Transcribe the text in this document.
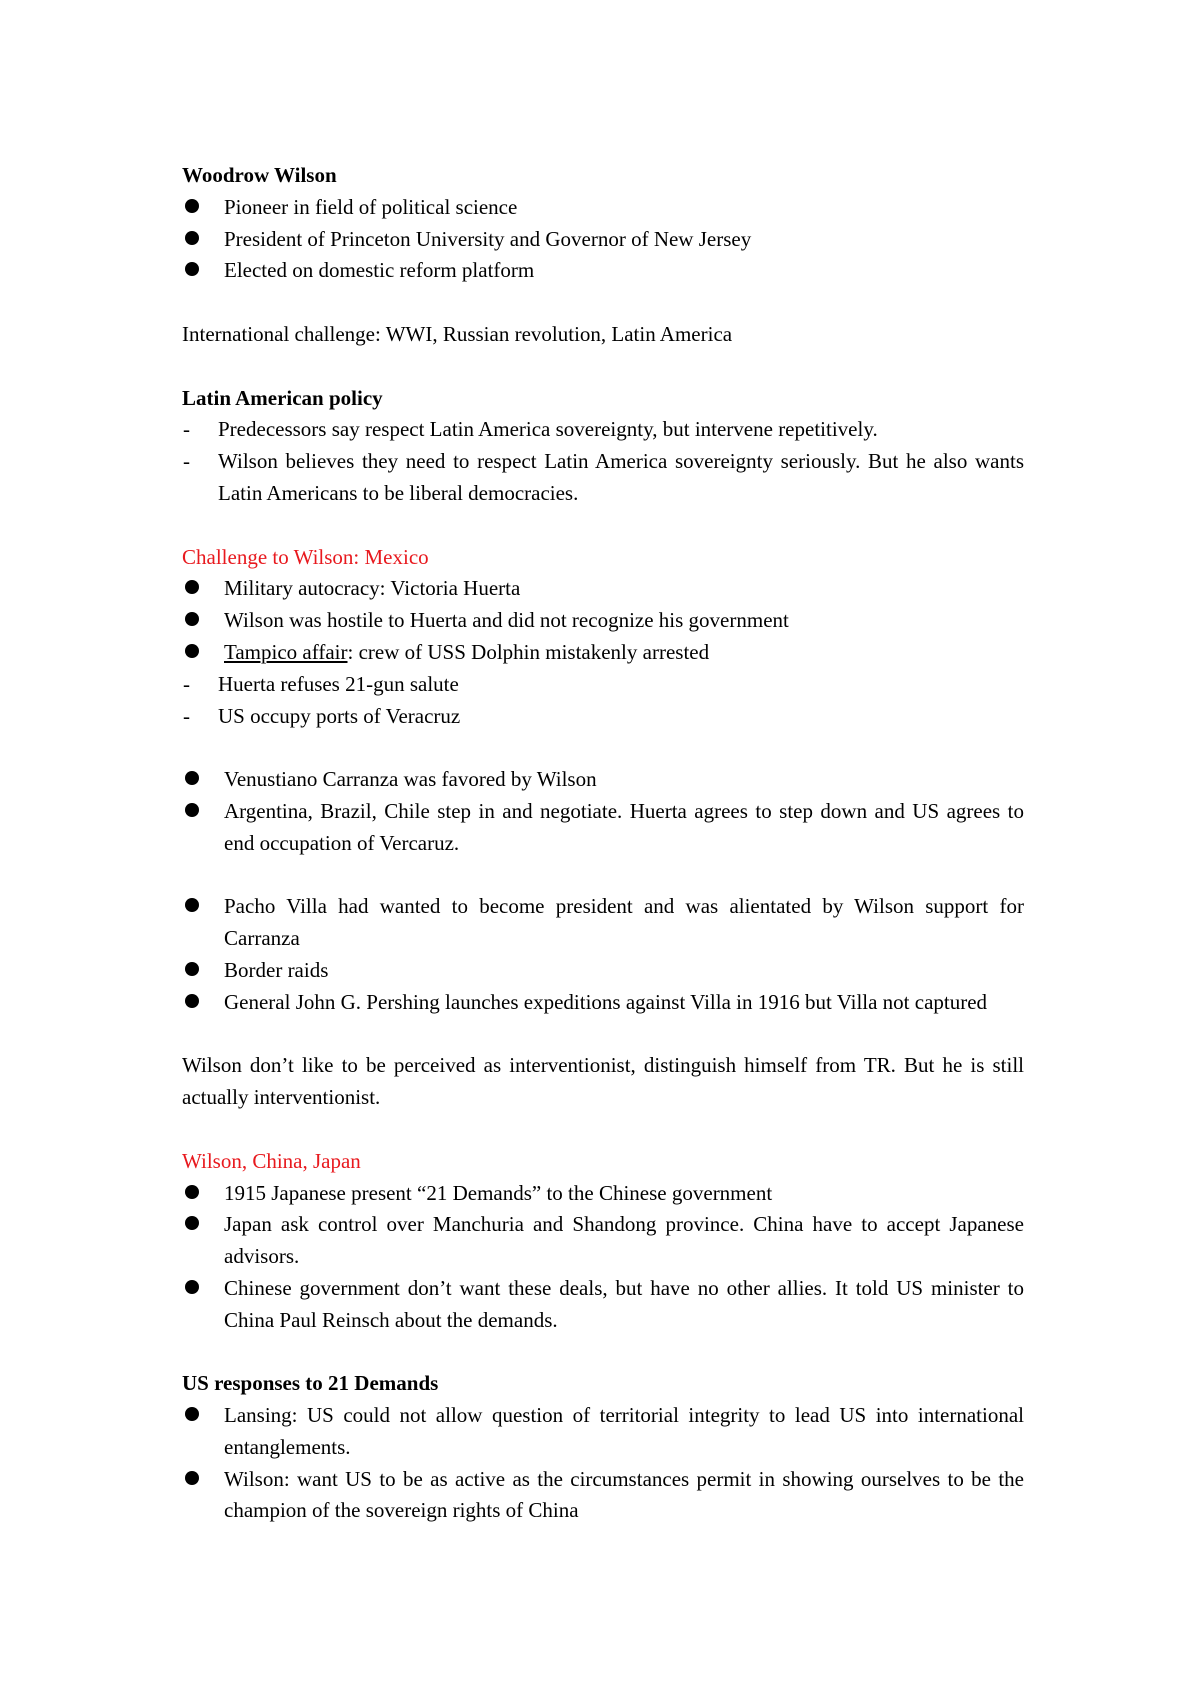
Woodrow Wilson
Pioneer in field of political science
President of Princeton University and Governor of New Jersey
Elected on domestic reform platform
International challenge: WWI, Russian revolution, Latin America
Latin American policy
- Predecessors say respect Latin America sovereignty, but intervene repetitively.
- Wilson believes they need to respect Latin America sovereignty seriously. But he also wants Latin Americans to be liberal democracies.
Challenge to Wilson: Mexico
Military autocracy: Victoria Huerta
Wilson was hostile to Huerta and did not recognize his government
Tampico affair: crew of USS Dolphin mistakenly arrested
- Huerta refuses 21-gun salute
- US occupy ports of Veracruz
Venustiano Carranza was favored by Wilson
Argentina, Brazil, Chile step in and negotiate. Huerta agrees to step down and US agrees to end occupation of Vercaruz.
Pacho Villa had wanted to become president and was alientated by Wilson support for Carranza
Border raids
General John G. Pershing launches expeditions against Villa in 1916 but Villa not captured
Wilson don’t like to be perceived as interventionist, distinguish himself from TR. But he is still actually interventionist.
Wilson, China, Japan
1915 Japanese present “21 Demands” to the Chinese government
Japan ask control over Manchuria and Shandong province. China have to accept Japanese advisors.
Chinese government don’t want these deals, but have no other allies. It told US minister to China Paul Reinsch about the demands.
US responses to 21 Demands
Lansing: US could not allow question of territorial integrity to lead US into international entanglements.
Wilson: want US to be as active as the circumstances permit in showing ourselves to be the champion of the sovereign rights of China
